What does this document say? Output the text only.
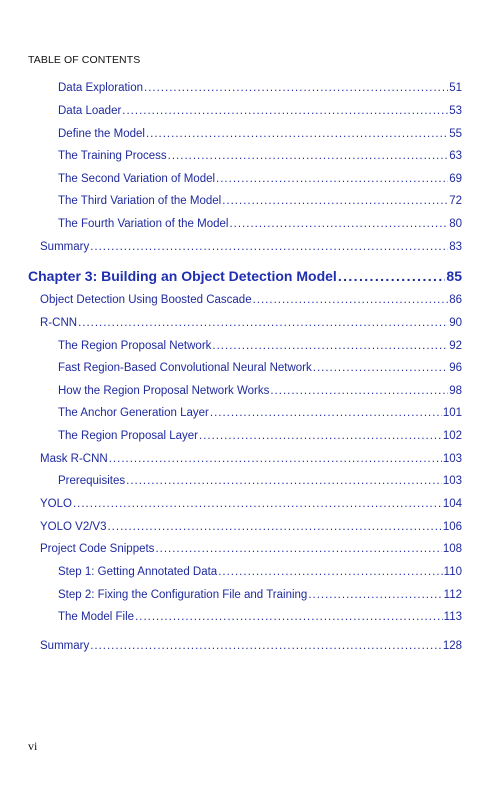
TABLE OF CONTENTS
Data Exploration .....	51
Data Loader .....	53
Define the Model .....	55
The Training Process .....	63
The Second Variation of Model .....	69
The Third Variation of the Model .....	72
The Fourth Variation of the Model .....	80
Summary .....	83
Chapter 3: Building an Object Detection Model .....	85
Object Detection Using Boosted Cascade .....	86
R-CNN .....	90
The Region Proposal Network .....	92
Fast Region-Based Convolutional Neural Network .....	96
How the Region Proposal Network Works .....	98
The Anchor Generation Layer .....	101
The Region Proposal Layer .....	102
Mask R-CNN .....	103
Prerequisites .....	103
YOLO .....	104
YOLO V2/V3 .....	106
Project Code Snippets .....	108
Step 1: Getting Annotated Data .....	110
Step 2: Fixing the Configuration File and Training .....	112
The Model File .....	113
Summary .....	128
vi
